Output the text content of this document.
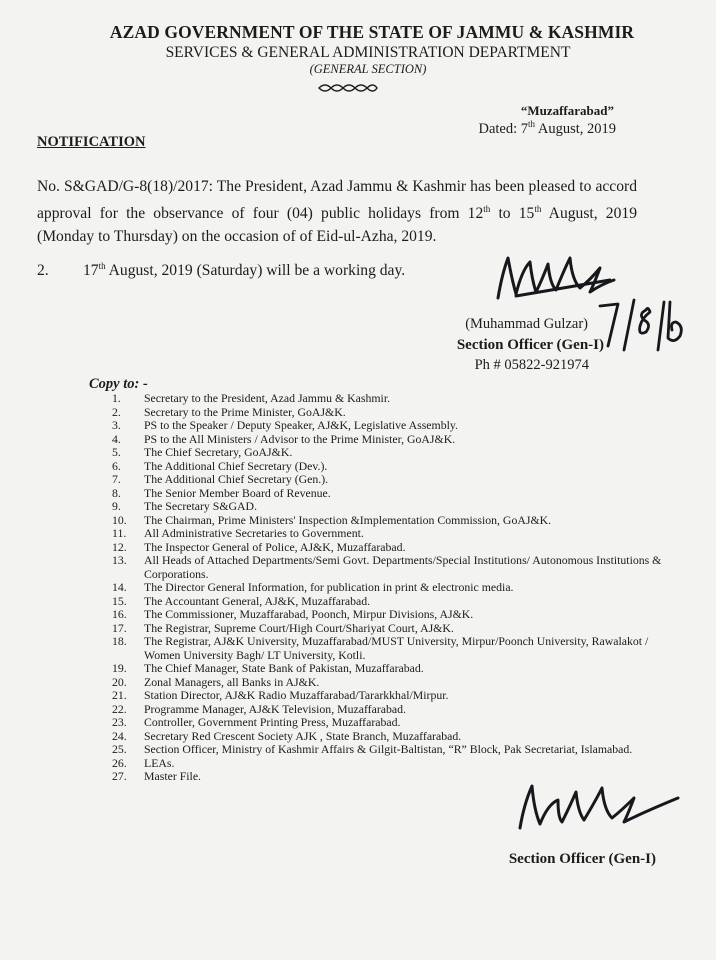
AZAD GOVERNMENT OF THE STATE OF JAMMU & KASHMIR
SERVICES & GENERAL ADMINISTRATION DEPARTMENT
(GENERAL SECTION)
“Muzaffarabad”
Dated: 7th August, 2019
NOTIFICATION
No. S&GAD/G-8(18)/2017: The President, Azad Jammu & Kashmir has been pleased to accord approval for the observance of four (04) public holidays from 12th to 15th August, 2019 (Monday to Thursday) on the occasion of of Eid-ul-Azha, 2019.
2. 17th August, 2019 (Saturday) will be a working day.
(Muhammad Gulzar)
Section Officer (Gen-I)
Ph # 05822-921974
Copy to: -
1.	Secretary to the President, Azad Jammu & Kashmir.
2.	Secretary to the Prime Minister, GoAJ&K.
3.	PS to the Speaker / Deputy Speaker, AJ&K, Legislative Assembly.
4.	PS to the All Ministers / Advisor to the Prime Minister, GoAJ&K.
5.	The Chief Secretary, GoAJ&K.
6.	The Additional Chief Secretary (Dev.).
7.	The Additional Chief Secretary (Gen.).
8.	The Senior Member Board of Revenue.
9.	The Secretary S&GAD.
10.	The Chairman, Prime Ministers' Inspection &Implementation Commission, GoAJ&K.
11.	All Administrative Secretaries to Government.
12.	The Inspector General of Police, AJ&K, Muzaffarabad.
13.	All Heads of Attached Departments/Semi Govt. Departments/Special Institutions/ Autonomous Institutions & Corporations.
14.	The Director General Information, for publication in print & electronic media.
15.	The Accountant General, AJ&K, Muzaffarabad.
16.	The Commissioner, Muzaffarabad, Poonch, Mirpur Divisions, AJ&K.
17.	The Registrar, Supreme Court/High Court/Shariyat Court, AJ&K.
18.	The Registrar, AJ&K University, Muzaffarabad/MUST University, Mirpur/Poonch University, Rawalakot / Women University Bagh/ LT University, Kotli.
19.	The Chief Manager, State Bank of Pakistan, Muzaffarabad.
20.	Zonal Managers, all Banks in AJ&K.
21.	Station Director, AJ&K Radio Muzaffarabad/Tararkkhal/Mirpur.
22.	Programme Manager, AJ&K Television, Muzaffarabad.
23.	Controller, Government Printing Press, Muzaffarabad.
24.	Secretary Red Crescent Society AJK , State Branch, Muzaffarabad.
25.	Section Officer, Ministry of Kashmir Affairs & Gilgit-Baltistan, “R” Block, Pak Secretariat, Islamabad.
26.	LEAs.
27.	Master File.
Section Officer (Gen-I)
